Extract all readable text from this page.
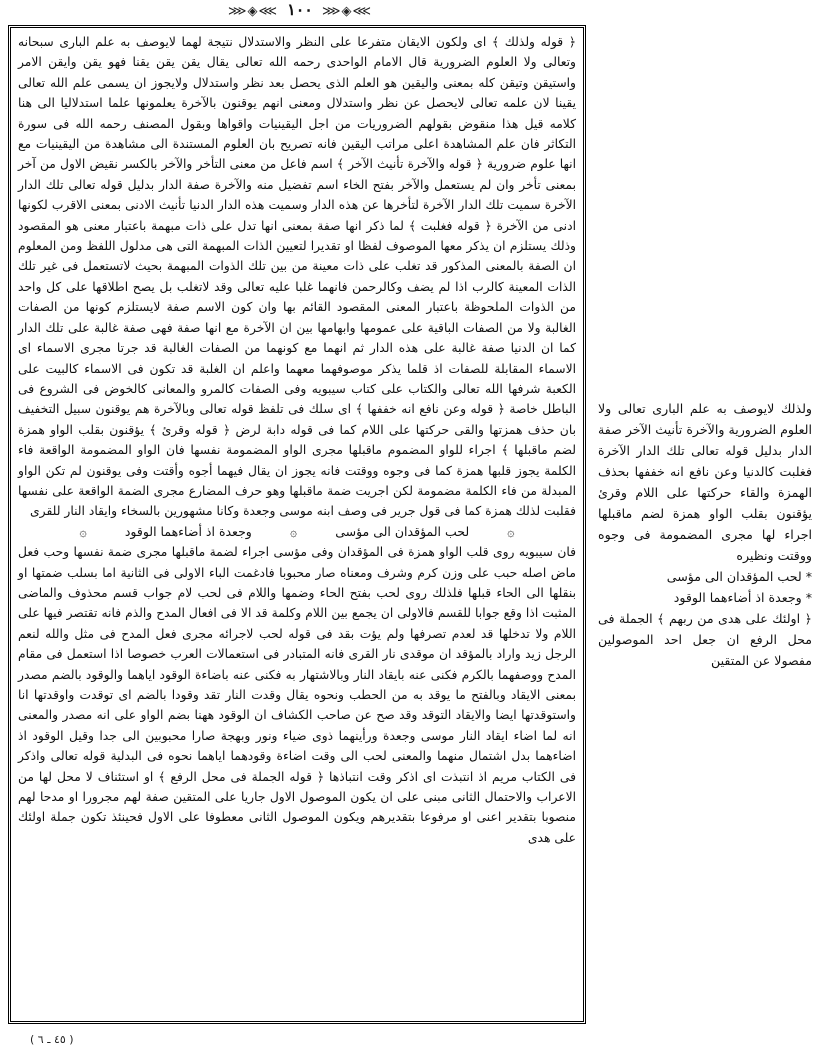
⋙◈⋘ ١٠٠ ⋙◈⋘

﴿ قوله ولذلك ﴾ اى ولكون الايقان متفرعا على النظر والاستدلال نتيجة لهما لايوصف به علم البارى سبحانه وتعالى ولا العلوم الضرورية قال الامام الواحدى رحمه الله تعالى يقال يقن يقن يقنا فهو يقن وايقن الامر واستيقن وتيقن كله بمعنى واليقين هو العلم الذى يحصل بعد نظر واستدلال ولايجوز ان يسمى علم الله تعالى يقينا لان علمه تعالى لايحصل عن نظر واستدلال ومعنى انهم يوقنون بالآخرة يعلمونها علما استدلاليا الى هنا كلامه قيل هذا منقوض بقولهم الضروريات من اجل اليقينيات واقواها وبقول المصنف رحمه الله فى سورة التكاثر فان علم المشاهدة اعلى مراتب اليقين فانه تصريح بان العلوم المستندة الى مشاهدة من اليقينيات مع انها علوم ضرورية ﴿ قوله والآخرة تأنيث الآخر ﴾ اسم فاعل من معنى التأخر والآخر بالكسر نقيض الاول من آخر بمعنى تأخر وان لم يستعمل والآخر بفتح الخاء اسم تفضيل منه والآخرة صفة الدار بدليل قوله تعالى تلك الدار الآخرة سميت تلك الدار الآخرة لتأخرها عن هذه الدار وسميت هذه الدار الدنيا تأنيث الادنى بمعنى الاقرب لكونها ادنى من الآخرة ﴿ قوله فغلبت ﴾ لما ذكر انها صفة بمعنى انها تدل على ذات مبهمة باعتبار معنى هو المقصود وذلك يستلزم ان يذكر معها الموصوف لفظا او تقديرا لتعيين الذات المبهمة التى هى مدلول اللفظ ومن المعلوم ان الصفة بالمعنى المذكور قد تغلب على ذات معينة من بين تلك الذوات المبهمة بحيث لاتستعمل فى غير تلك الذات المعينة كالرب اذا لم يضف وكالرحمن فانهما غلبا عليه تعالى وقد لاتغلب بل يصح اطلاقها على كل واحد من الذوات الملحوظة باعتبار المعنى المقصود القائم بها وان كون الاسم صفة لايستلزم كونها من الصفات الغالبة ولا من الصفات الباقية على عمومها وابهامها بين ان الآخرة مع انها صفة فهى صفة غالبة على تلك الدار كما ان الدنيا صفة غالبة على هذه الدار ثم انهما مع كونهما من الصفات الغالبة قد جرتا مجرى الاسماء اى الاسماء المقابلة للصفات اذ قلما يذكر موصوفهما معهما واعلم ان الغلبة قد تكون فى الاسماء كالبيت على الكعبة شرفها الله تعالى والكتاب على كتاب سيبويه وفى الصفات كالمرو والمعانى كالخوض فى الشروع فى الباطل خاصة ﴿ قوله وعن نافع انه خففها ﴾ اى سلك فى تلفظ قوله تعالى وبالآخرة هم يوقنون سبيل التخفيف بان حذف همزتها والقى حركتها على اللام كما فى قوله دابة لرض ﴿ قوله وقرئ ﴾ يؤقنون بقلب الواو همزة لضم ماقبلها ﴾ اجراء للواو المضموم ماقبلها مجرى الواو المضمومة نفسها فان الواو المضمومة الواقعة فاء الكلمة يجوز قلبها همزة كما فى وجوه ووقتت فانه يجوز ان يقال فيهما أجوه وأقتت وفى يوقنون لم تكن الواو المبدلة من فاء الكلمة مضمومة لكن اجريت ضمة ماقبلها وهو حرف المضارع مجرى الضمة الواقعة على نفسها فقلبت لذلك همزة كما فى قول جرير فى وصف ابنه موسى وجعدة وكانا مشهورين بالسخاء وايقاد النار للقرى

۞
لحب المؤقدان الى مؤسى
۞
وجعدة اذ أضاءهما الوقود
۞

فان سيبويه روى قلب الواو همزة فى المؤقدان وفى مؤسى اجراء لضمة ماقبلها مجرى ضمة نفسها وحب فعل ماض اصله حبب على وزن كرم وشرف ومعناه صار محبوبا فادغمت الباء الاولى فى الثانية اما بسلب ضمتها او بنقلها الى الحاء قبلها فلذلك روى لحب بفتح الحاء وضمها واللام فى لحب لام جواب قسم محذوف والماضى المثبت اذا وقع جوابا للقسم فالاولى ان يجمع بين اللام وكلمة قد الا فى افعال المدح والذم فانه تقتصر فيها على اللام ولا تدخلها قد لعدم تصرفها ولم يؤت بقد فى قوله لحب لاجرائه مجرى فعل المدح فى مثل والله لنعم الرجل زيد واراد بالمؤقد ان موقدى نار القرى فانه المتبادر فى استعمالات العرب خصوصا اذا استعمل فى مقام المدح ووصفهما بالكرم فكنى عنه بايقاد النار وبالاشتهار به فكنى عنه باضاءة الوقود اياهما والوقود بالضم مصدر بمعنى الايقاد وبالفتح ما يوقد به من الحطب ونحوه يقال وقدت النار تقد وقودا بالضم اى توقدت واوقدتها انا واستوقدتها ايضا والايقاد التوقد وقد صح عن صاحب الكشاف ان الوقود ههنا بضم الواو على انه مصدر والمعنى انه لما اضاء ايقاد النار موسى وجعدة ورأينهما ذوى ضياء ونور وبهجة صارا محبوبين الى جدا وقيل الوقود اذ اضاءهما بدل اشتمال منهما والمعنى لحب الى وقت اضاءة وقودهما اياهما نحوه فى البدلية قوله تعالى واذكر فى الكتاب مريم اذ انتبذت اى اذكر وقت انتباذها ﴿ قوله الجملة فى محل الرفع ﴾ او استئناف لا محل لها من الاعراب والاحتمال الثانى مبنى على ان يكون الموصول الاول جاريا على المتقين صفة لهم مجرورا او مدحا لهم منصوبا بتقدير اعنى او مرفوعا بتقديرهم ويكون الموصول الثانى معطوفا على الاول فحينئذ تكون جملة اولئك على هدى

ولذلك لايوصف به علم البارى تعالى ولا العلوم الضرورية والآخرة تأنيث الآخر صفة الدار بدليل قوله تعالى تلك الدار الآخرة فغلبت كالدنيا وعن نافع انه خففها بحذف الهمزة والقاء حركتها على اللام وقرئ يؤقنون بقلب الواو همزة لضم ماقبلها اجراء لها مجرى المضمومة فى وجوه ووقتت ونظيره

* لحب المؤقدان الى مؤسى

* وجعدة اذ أضاءهما الوقود

﴿ اولئك على هدى من ربهم ﴾ الجملة فى محل الرفع ان جعل احد الموصولين مفصولا عن المتقين

( ٤٥ ـ ٦ )
